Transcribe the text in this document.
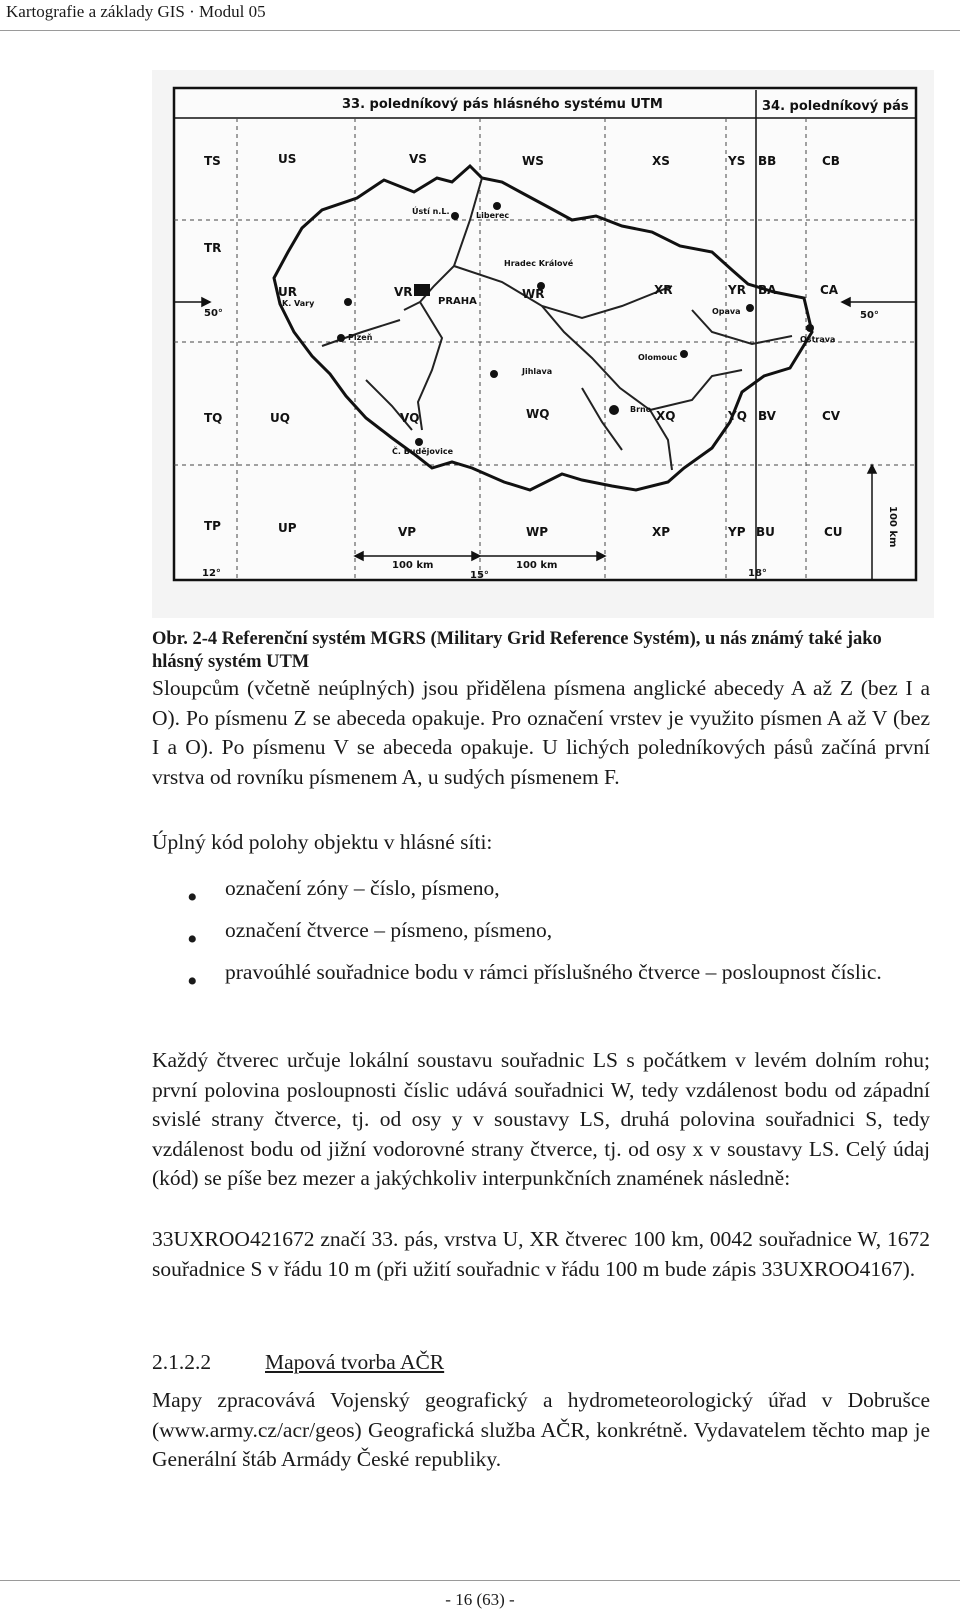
Kartografie a základy GIS · Modul 05
33. poledníkový pás hlásného systému UTM	34. poledníkový pás
Ústí n.L.	Liberec
Hradec Králové
K. Vary	PRAHA
Plzeň
Opava
Ostrava
Olomouc
Jihlava
Brno
Č. Budějovice
TS	US	VS	WS	XS	YS BB	CB
TR
UR	VR	WR	XR	YR BA	CA
TQ	UQ	VQ	WQ	XQ	YQ BV	CV
TP	UP	VP	WP	XP	YP BU	CU
50°	50°
100 km	100 km
100 km
12°	15°	18°
Obr. 2-4 Referenční systém MGRS (Military Grid Reference Systém), u nás známý také jako hlásný systém UTM

Sloupcům (včetně neúplných) jsou přidělena písmena anglické abecedy A až Z (bez I a O). Po písmenu Z se abeceda opakuje. Pro označení vrstev je využito písmen A až V (bez I a O). Po písmenu V se abeceda opakuje. U lichých poledníkových pásů začíná první vrstva od rovníku písmenem A, u sudých písmenem F.

Úplný kód polohy objektu v hlásné síti:

• označení zóny – číslo, písmeno,

• označení čtverce – písmeno, písmeno,

• pravoúhlé souřadnice bodu v rámci příslušného čtverce – posloupnost číslic.

Každý čtverec určuje lokální soustavu souřadnic LS s počátkem v levém dolním rohu; první polovina posloupnosti číslic udává souřadnici W, tedy vzdálenost bodu od západní svislé strany čtverce, tj. od osy y v soustavy LS, druhá polovina souřadnici S, tedy vzdálenost bodu od jižní vodorovné strany čtverce, tj. od osy x v soustavy LS. Celý údaj (kód) se píše bez mezer a jakýchkoliv interpunkčních znamének následně:

33UXROO421672 značí 33. pás, vrstva U, XR čtverec 100 km, 0042 souřadnice W, 1672 souřadnice S v řádu 10 m (při užití souřadnic v řádu 100 m bude zápis 33UXROO4167).

2.1.2.2	Mapová tvorba AČR

Mapy zpracovává Vojenský geografický a hydrometeorologický úřad v Dobrušce (www.army.cz/acr/geos) Geografická služba AČR, konkrétně. Vydavatelem těchto map je Generální štáb Armády České republiky.

- 16 (63) -
